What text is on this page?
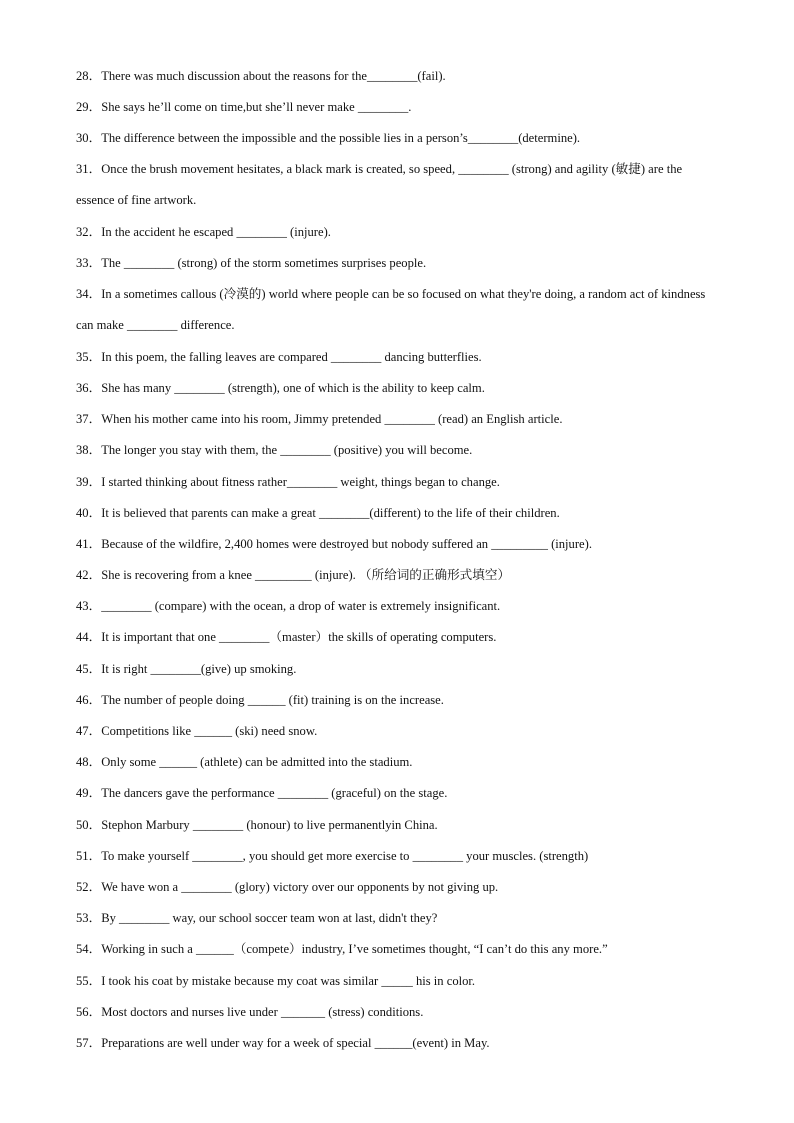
28．There was much discussion about the reasons for the________(fail).
29．She says he’ll come on time,but she’ll never make ________.
30．The difference between the impossible and the possible lies in a person’s________(determine).
31．Once the brush movement hesitates, a black mark is created, so speed, ________ (strong) and agility (敏捷) are the essence of fine artwork.
32．In the accident he escaped ________ (injure).
33．The ________ (strong) of the storm sometimes surprises people.
34．In a sometimes callous (冷漠的) world where people can be so focused on what they're doing, a random act of kindness can make ________ difference.
35．In this poem, the falling leaves are compared ________ dancing butterflies.
36．She has many ________ (strength), one of which is the ability to keep calm.
37．When his mother came into his room, Jimmy pretended ________ (read) an English article.
38．The longer you stay with them, the ________ (positive) you will become.
39．I started thinking about fitness rather________ weight, things began to change.
40．It is believed that parents can make a great ________(different) to the life of their children.
41．Because of the wildfire, 2,400 homes were destroyed but nobody suffered an _________ (injure).
42．She is recovering from a knee _________ (injure). （所给词的正确形式填空）
43．________ (compare) with the ocean, a drop of water is extremely insignificant.
44．It is important that one ________（master）the skills of operating computers.
45．It is right ________(give) up smoking.
46．The number of people doing ______ (fit) training is on the increase.
47．Competitions like ______ (ski) need snow.
48．Only some ______ (athlete) can be admitted into the stadium.
49．The dancers gave the performance ________ (graceful) on the stage.
50．Stephon Marbury ________ (honour) to live permanentlyin China.
51．To make yourself ________, you should get more exercise to ________ your muscles. (strength)
52．We have won a ________ (glory) victory over our opponents by not giving up.
53．By ________ way, our school soccer team won at last, didn't they?
54．Working in such a ______（compete）industry, I’ve sometimes thought, “I can’t do this any more.”
55．I took his coat by mistake because my coat was similar _____ his in color.
56．Most doctors and nurses live under _______ (stress) conditions.
57．Preparations are well under way for a week of special ______(event) in May.
